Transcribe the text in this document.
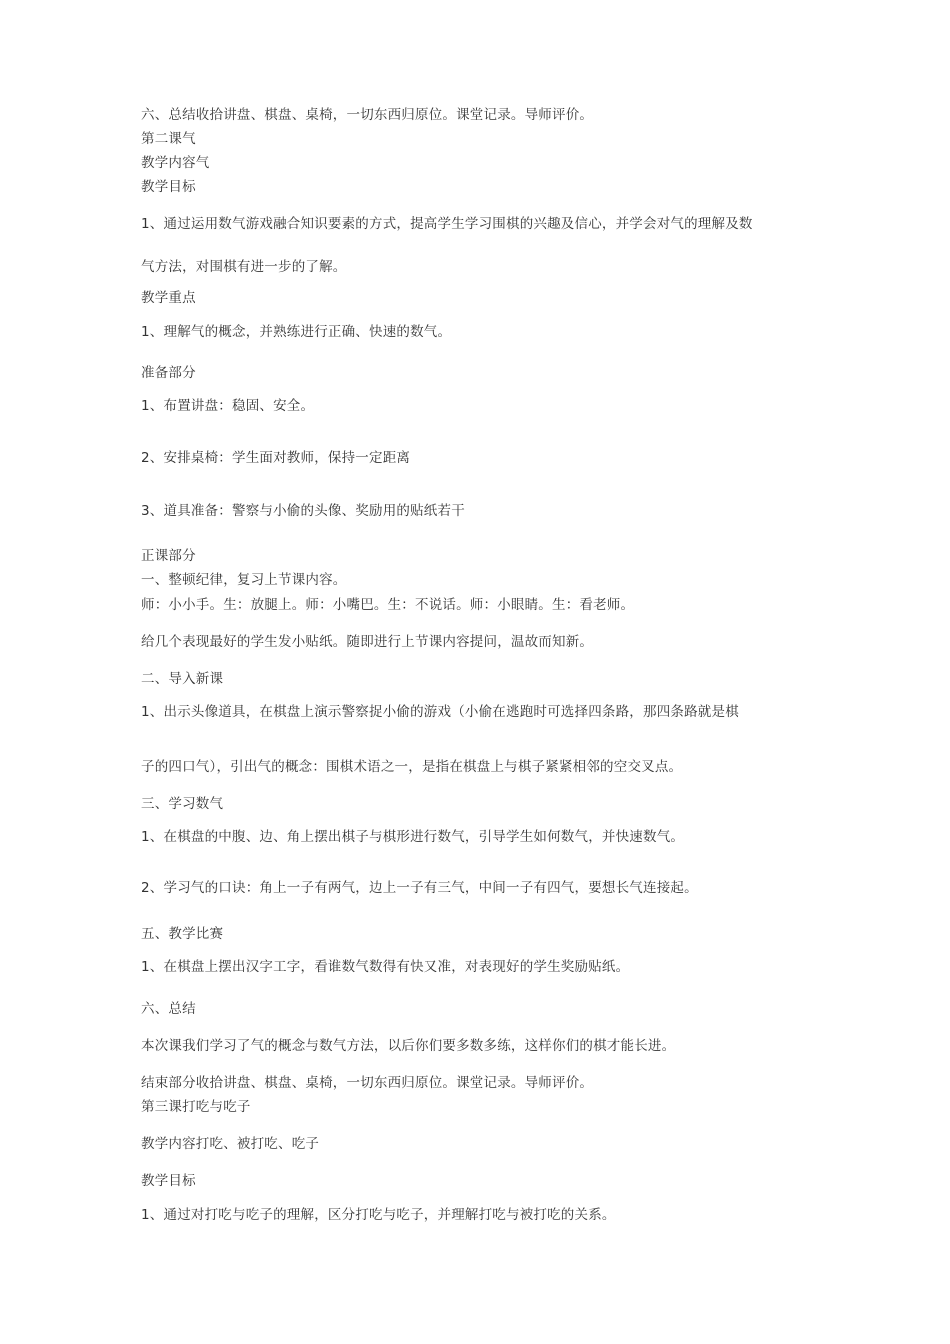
六、总结收拾讲盘、棋盘、桌椅，一切东西归原位。课堂记录。导师评价。

第二课气

教学内容气

教学目标

1、通过运用数气游戏融合知识要素的方式，提高学生学习围棋的兴趣及信心，并学会对气的理解及数

气方法，对围棋有进一步的了解。

教学重点

1、理解气的概念，并熟练进行正确、快速的数气。

准备部分

1、布置讲盘：稳固、安全。

2、安排桌椅：学生面对教师，保持一定距离

3、道具准备：警察与小偷的头像、奖励用的贴纸若干

正课部分

一、整顿纪律，复习上节课内容。

师：小小手。生：放腿上。师：小嘴巴。生：不说话。师：小眼睛。生：看老师。

给几个表现最好的学生发小贴纸。随即进行上节课内容提问，温故而知新。

二、导入新课

1、出示头像道具，在棋盘上演示警察捉小偷的游戏（小偷在逃跑时可选择四条路，那四条路就是棋

子的四口气），引出气的概念：围棋术语之一，是指在棋盘上与棋子紧紧相邻的空交叉点。

三、学习数气

1、在棋盘的中腹、边、角上摆出棋子与棋形进行数气，引导学生如何数气，并快速数气。

2、学习气的口诀：角上一子有两气，边上一子有三气，中间一子有四气，要想长气连接起。

五、教学比赛

1、在棋盘上摆出汉字工字，看谁数气数得有快又准，对表现好的学生奖励贴纸。

六、总结

本次课我们学习了气的概念与数气方法，以后你们要多数多练，这样你们的棋才能长进。

结束部分收拾讲盘、棋盘、桌椅，一切东西归原位。课堂记录。导师评价。

第三课打吃与吃子

教学内容打吃、被打吃、吃子

教学目标

1、通过对打吃与吃子的理解，区分打吃与吃子，并理解打吃与被打吃的关系。
